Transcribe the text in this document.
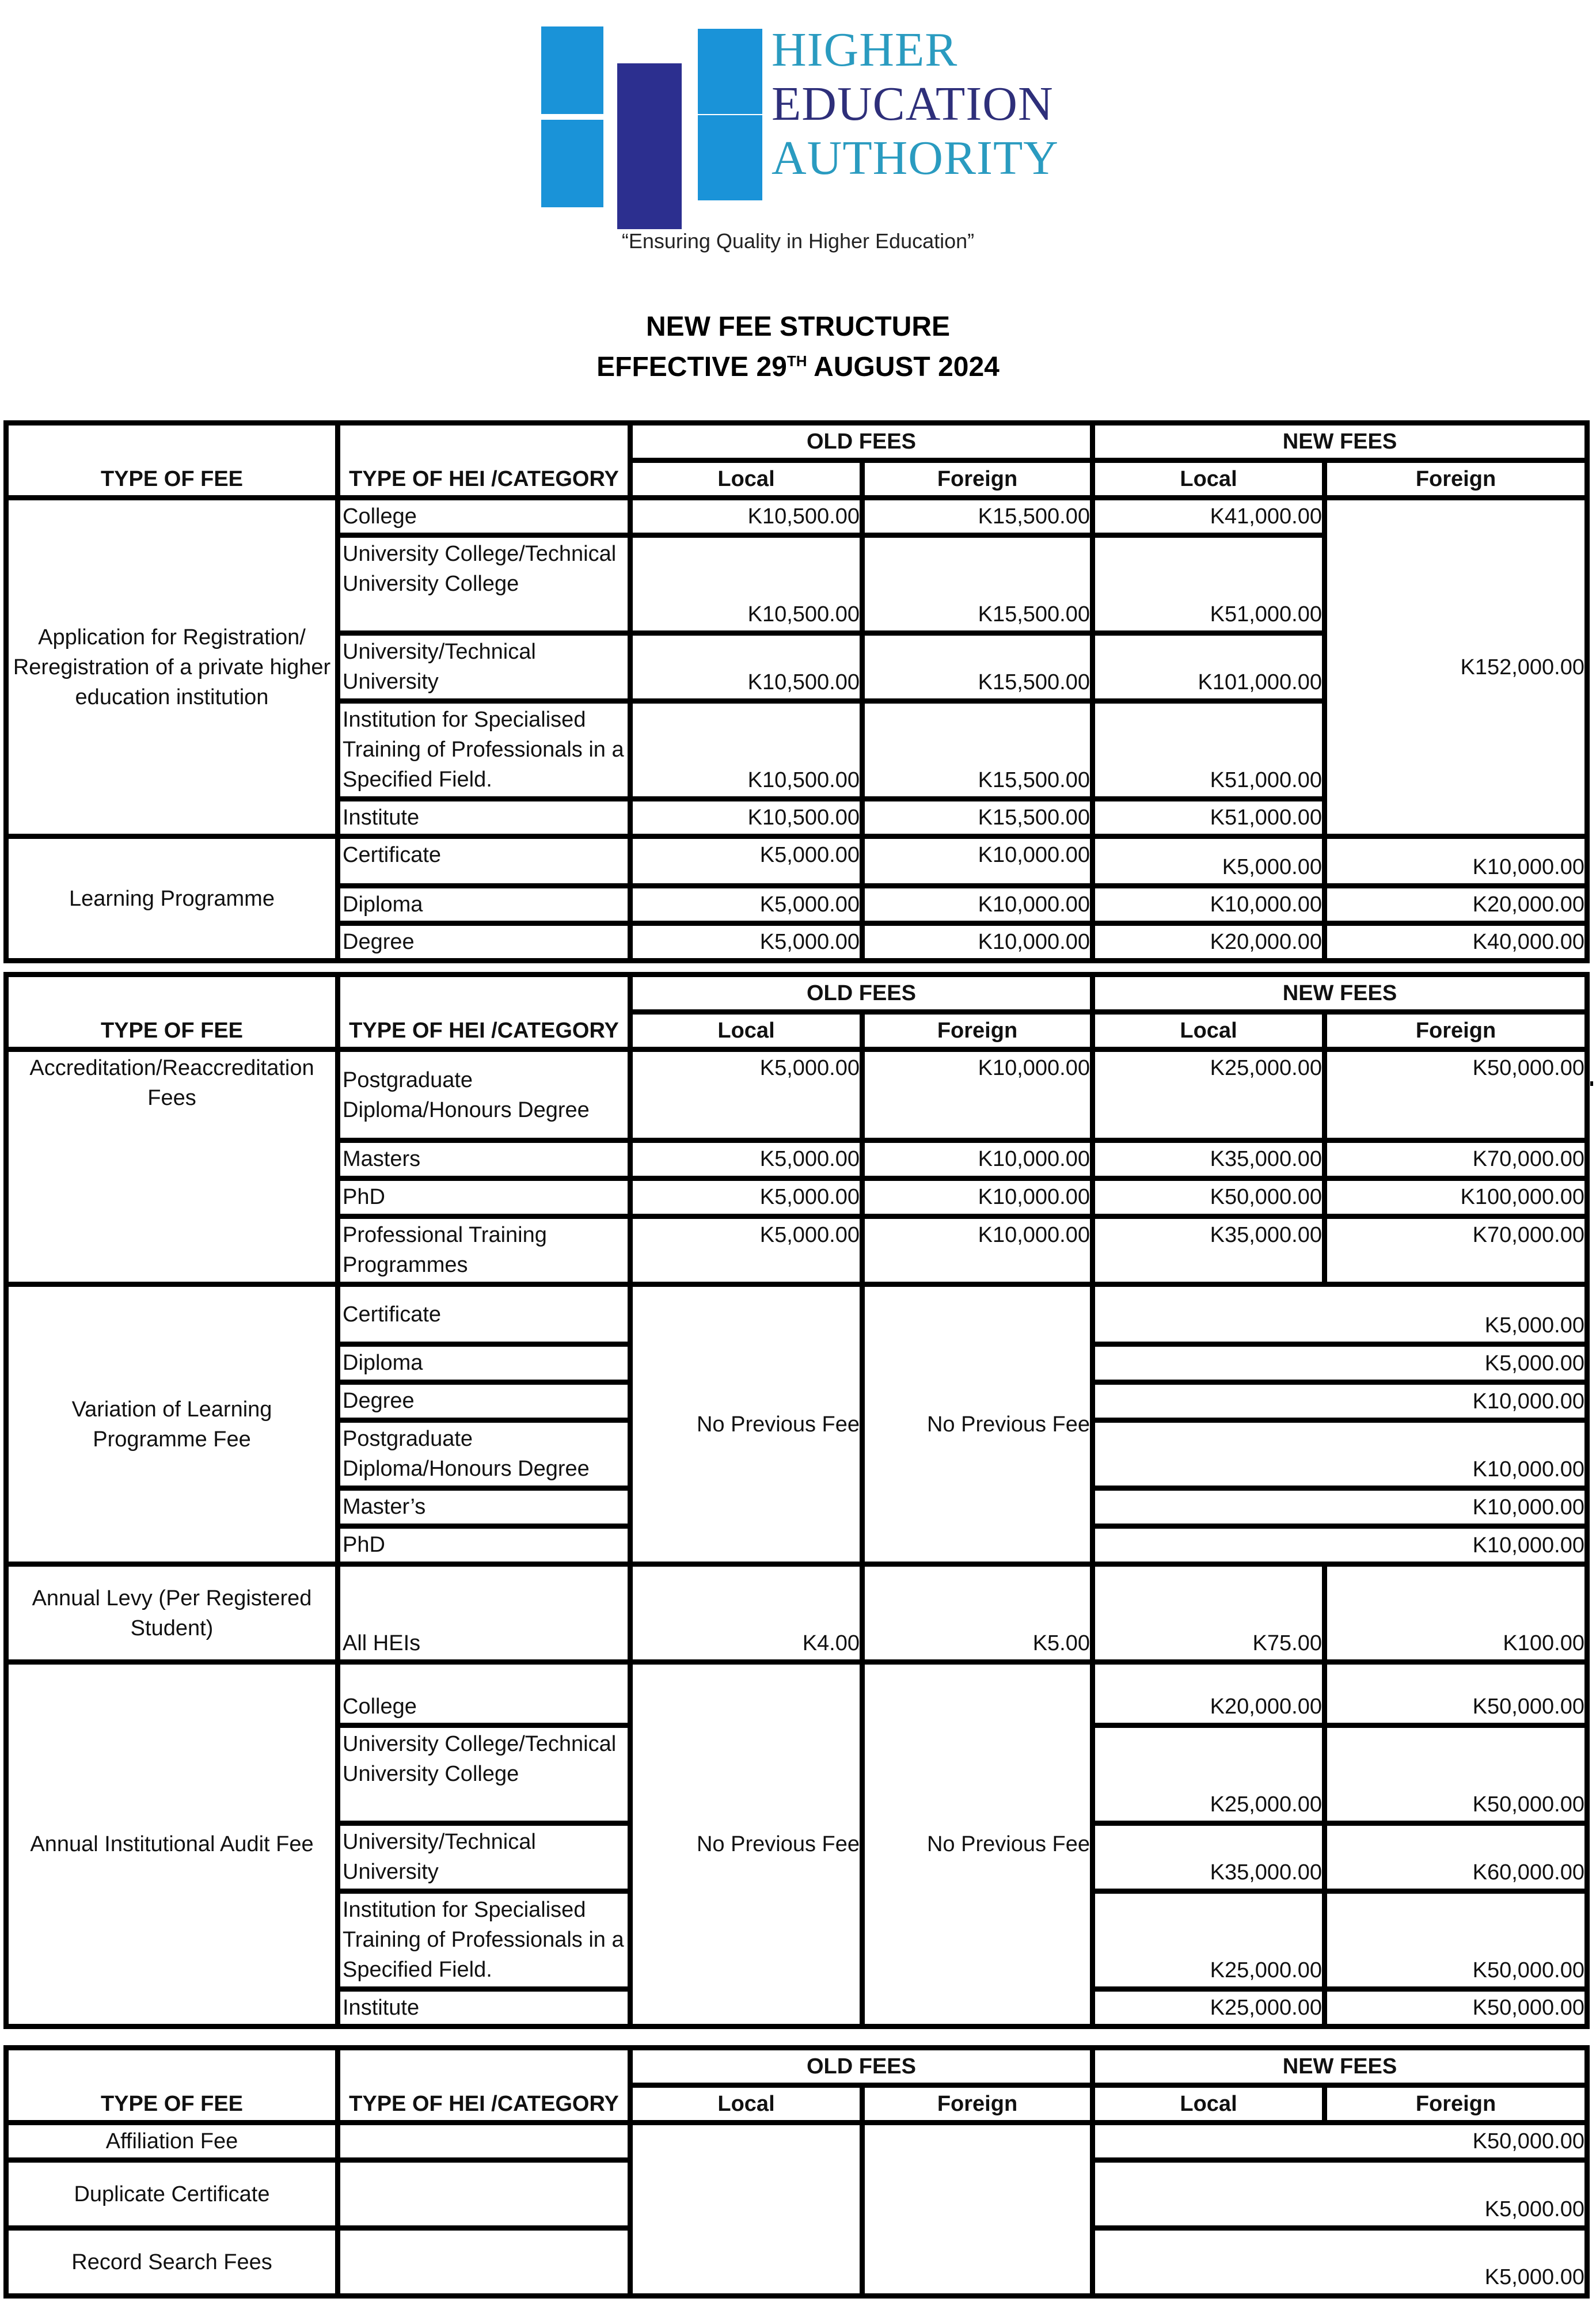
HIGHER
EDUCATION
AUTHORITY
“Ensuring Quality in Higher Education”
NEW FEE STRUCTURE
EFFECTIVE 29TH AUGUST 2024
TYPE OF FEE	TYPE OF HEI /CATEGORY	OLD FEES		NEW FEES	
		Local	Foreign	Local	Foreign
Application for Registration/ Reregistration of a private higher education institution	College	K10,500.00	K15,500.00	K41,000.00	K152,000.00
	University College/Technical University College	K10,500.00	K15,500.00	K51,000.00	
	University/Technical University	K10,500.00	K15,500.00	K101,000.00	
	Institution for Specialised Training of Professionals in a Specified Field.	K10,500.00	K15,500.00	K51,000.00	
	Institute	K10,500.00	K15,500.00	K51,000.00	
Learning Programme	Certificate	K5,000.00	K10,000.00	K5,000.00	K10,000.00
	Diploma	K5,000.00	K10,000.00	K10,000.00	K20,000.00
	Degree	K5,000.00	K10,000.00	K20,000.00	K40,000.00
TYPE OF FEE	TYPE OF HEI /CATEGORY	OLD FEES		NEW FEES	
		Local	Foreign	Local	Foreign
Accreditation/Reaccreditation Fees	Postgraduate Diploma/Honours Degree	K5,000.00	K10,000.00	K25,000.00	K50,000.00
	Masters	K5,000.00	K10,000.00	K35,000.00	K70,000.00
	PhD	K5,000.00	K10,000.00	K50,000.00	K100,000.00
	Professional Training Programmes	K5,000.00	K10,000.00	K35,000.00	K70,000.00
Variation of Learning Programme Fee	Certificate	No Previous Fee	No Previous Fee	K5,000.00	
	Diploma			K5,000.00	
	Degree			K10,000.00	
	Postgraduate Diploma/Honours Degree			K10,000.00	
	Master’s			K10,000.00	
	PhD			K10,000.00	
Annual Levy (Per Registered Student)	All HEIs	K4.00	K5.00	K75.00	K100.00
Annual Institutional Audit Fee	College	No Previous Fee	No Previous Fee	K20,000.00	K50,000.00
	University College/Technical University College			K25,000.00	K50,000.00
	University/Technical University			K35,000.00	K60,000.00
	Institution for Specialised Training of Professionals in a Specified Field.			K25,000.00	K50,000.00
	Institute			K25,000.00	K50,000.00
TYPE OF FEE	TYPE OF HEI /CATEGORY	OLD FEES		NEW FEES	
		Local	Foreign	Local	Foreign
Affiliation Fee				K50,000.00	
Duplicate Certificate				K5,000.00	
Record Search Fees				K5,000.00	
